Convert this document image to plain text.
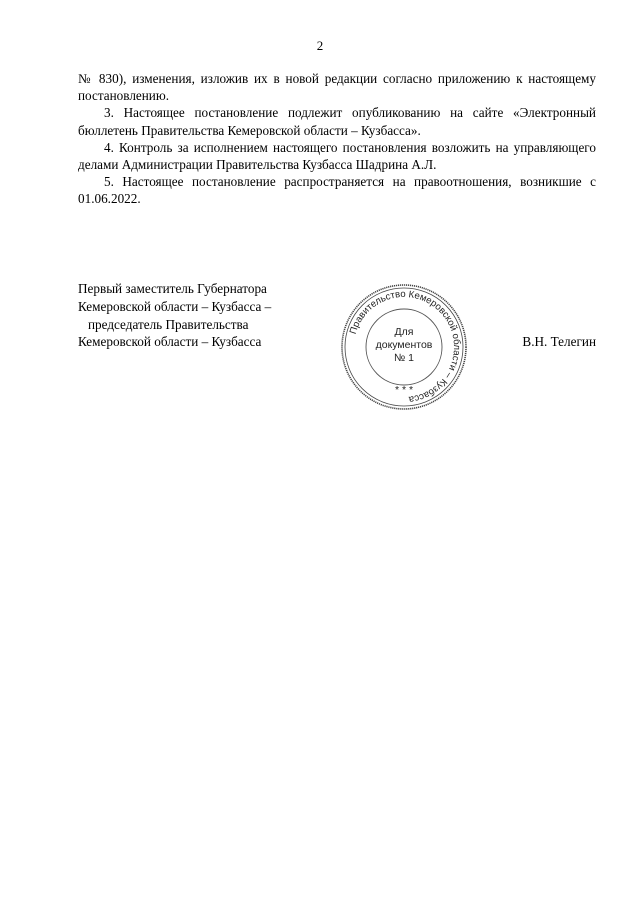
2

№ 830), изменения, изложив их в новой редакции согласно приложению к настоящему постановлению.

3. Настоящее постановление подлежит опубликованию на сайте «Электронный бюллетень Правительства Кемеровской области – Кузбасса».

4. Контроль за исполнением настоящего постановления возложить на управляющего делами Администрации Правительства Кузбасса Шадрина А.Л.

5. Настоящее постановление распространяется на правоотношения, возникшие с 01.06.2022.

Первый заместитель Губернатора
Кемеровской области – Кузбасса –
председатель Правительства
Кемеровской области – Кузбасса	В.Н. Телегин
Правительство Кемеровской области – Кузбасса
Для
документов
№ 1
* * *
